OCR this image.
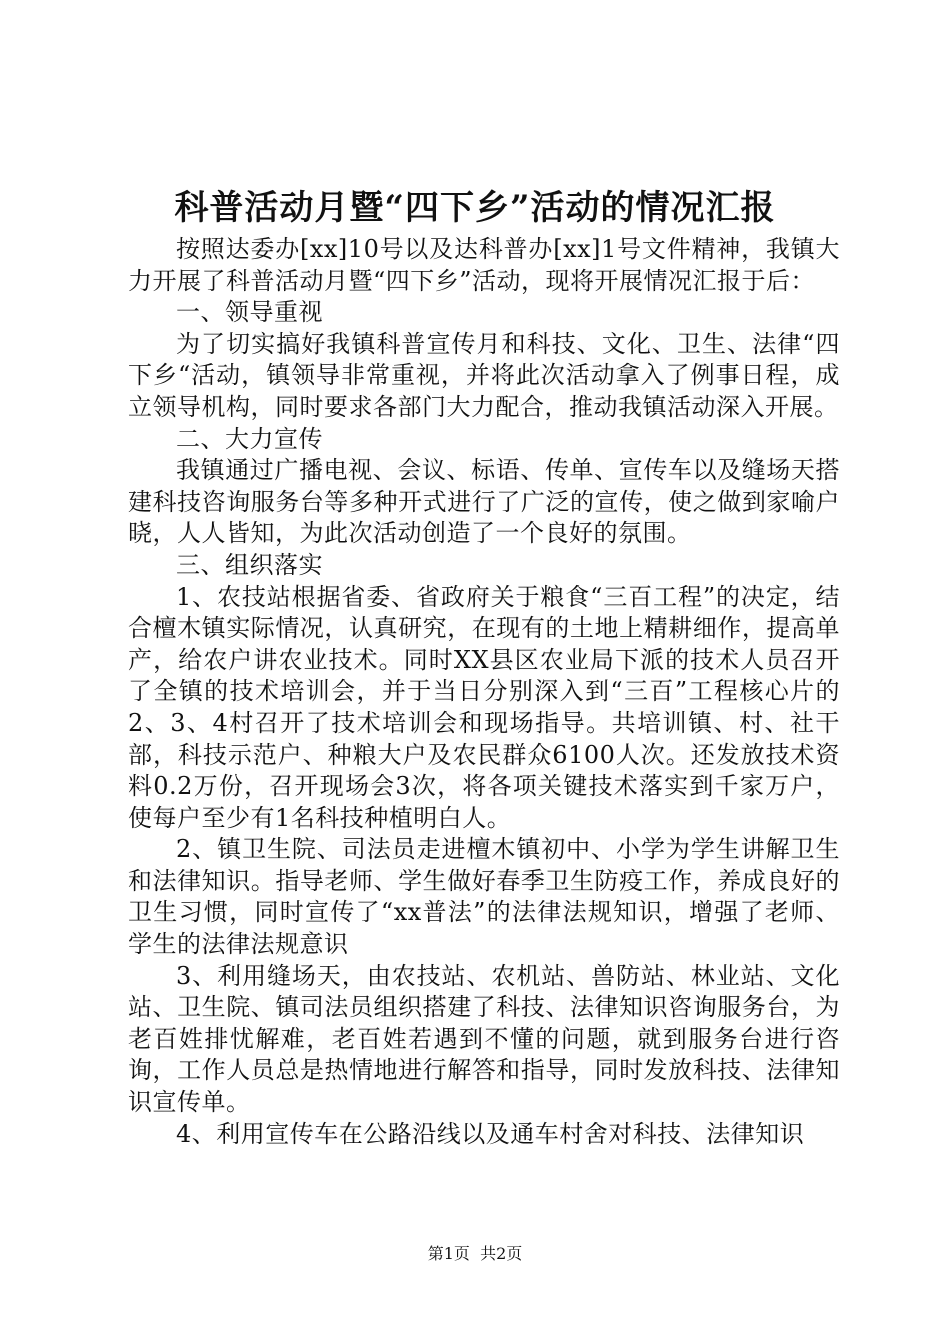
科普活动月暨“四下乡”活动的情况汇报

按照达委办[xx]10号以及达科普办[xx]1号文件精神，我镇大力开展了科普活动月暨“四下乡”活动，现将开展情况汇报于后：

一、领导重视

为了切实搞好我镇科普宣传月和科技、文化、卫生、法律“四下乡“活动，镇领导非常重视，并将此次活动拿入了例事日程，成立领导机构，同时要求各部门大力配合，推动我镇活动深入开展。

二、大力宣传

我镇通过广播电视、会议、标语、传单、宣传车以及缝场天搭建科技咨询服务台等多种开式进行了广泛的宣传，使之做到家喻户晓，人人皆知，为此次活动创造了一个良好的氛围。

三、组织落实

1、农技站根据省委、省政府关于粮食“三百工程”的决定，结合檀木镇实际情况，认真研究，在现有的土地上精耕细作，提高单产，给农户讲农业技术。同时XX县区农业局下派的技术人员召开了全镇的技术培训会，并于当日分别深入到“三百”工程核心片的2、3、4村召开了技术培训会和现场指导。共培训镇、村、社干部，科技示范户、种粮大户及农民群众6100人次。还发放技术资料0.2万份，召开现场会3次，将各项关键技术落实到千家万户，使每户至少有1名科技种植明白人。

2、镇卫生院、司法员走进檀木镇初中、小学为学生讲解卫生和法律知识。指导老师、学生做好春季卫生防疫工作，养成良好的卫生习惯，同时宣传了“xx普法”的法律法规知识，增强了老师、学生的法律法规意识

3、利用缝场天，由农技站、农机站、兽防站、林业站、文化站、卫生院、镇司法员组织搭建了科技、法律知识咨询服务台，为老百姓排忧解难，老百姓若遇到不懂的问题，就到服务台进行咨询，工作人员总是热情地进行解答和指导，同时发放科技、法律知识宣传单。

4、利用宣传车在公路沿线以及通车村舍对科技、法律知识

第1页 共2页
